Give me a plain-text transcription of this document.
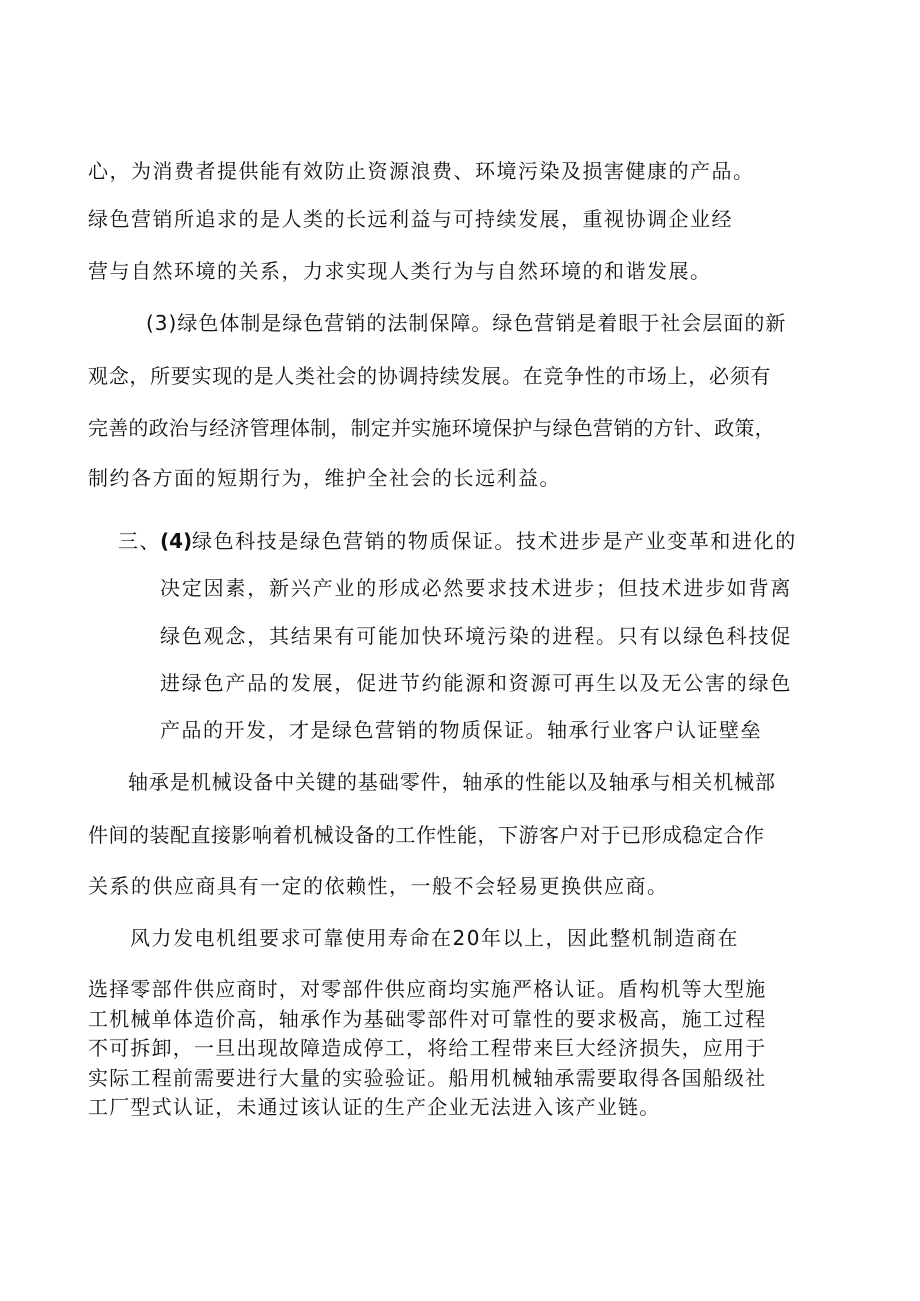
心，为消费者提供能有效防止资源浪费、环境污染及损害健康的产品。
绿色营销所追求的是人类的长远利益与可持续发展，重视协调企业经
营与自然环境的关系，力求实现人类行为与自然环境的和谐发展。
(3)绿色体制是绿色营销的法制保障。绿色营销是着眼于社会层面的新
观念，所要实现的是人类社会的协调持续发展。在竞争性的市场上，必须有
完善的政治与经济管理体制，制定并实施环境保护与绿色营销的方针、政策，
制约各方面的短期行为，维护全社会的长远利益。
三、 (4) 绿色科技是绿色营销的物质保证。技术进步是产业变革和进化的
决定因素，新兴产业的形成必然要求技术进步；但技术进步如背离
绿色观念，其结果有可能加快环境污染的进程。只有以绿色科技促
进绿色产品的发展，促进节约能源和资源可再生以及无公害的绿色
产品的开发，才是绿色营销的物质保证。轴承行业客户认证壁垒
轴承是机械设备中关键的基础零件，轴承的性能以及轴承与相关机械部
件间的装配直接影响着机械设备的工作性能，下游客户对于已形成稳定合作
关系的供应商具有一定的依赖性，一般不会轻易更换供应商。
风力发电机组要求可靠使用寿命在20年以上，因此整机制造商在
选择零部件供应商时，对零部件供应商均实施严格认证。盾构机等大型施
工机械单体造价高，轴承作为基础零部件对可靠性的要求极高，施工过程
不可拆卸，一旦出现故障造成停工，将给工程带来巨大经济损失，应用于
实际工程前需要进行大量的实验验证。船用机械轴承需要取得各国船级社
工厂型式认证，未通过该认证的生产企业无法进入该产业链。
